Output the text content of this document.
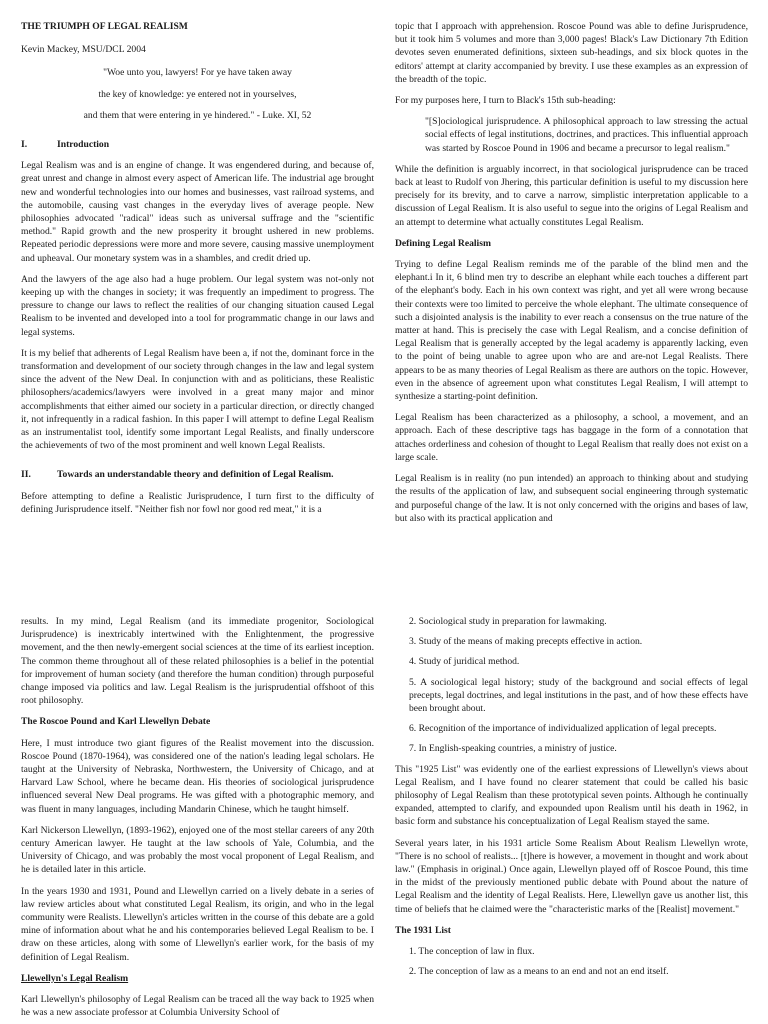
THE TRIUMPH OF LEGAL REALISM

Kevin Mackey, MSU/DCL 2004

"Woe unto you, lawyers! For ye have taken away

the key of knowledge: ye entered not in yourselves,

and them that were entering in ye hindered." - Luke. XI, 52

I.	Introduction

Legal Realism was and is an engine of change. It was engendered during, and because of, great unrest and change in almost every aspect of American life. The industrial age brought new and wonderful technologies into our homes and businesses, vast railroad systems, and the automobile, causing vast changes in the everyday lives of average people. New philosophies advocated "radical" ideas such as universal suffrage and the "scientific method." Rapid growth and the new prosperity it brought ushered in new problems. Repeated periodic depressions were more and more severe, causing massive unemployment and upheaval. Our monetary system was in a shambles, and credit dried up.

And the lawyers of the age also had a huge problem. Our legal system was not-only not keeping up with the changes in society; it was frequently an impediment to progress. The pressure to change our laws to reflect the realities of our changing situation caused Legal Realism to be invented and developed into a tool for programmatic change in our laws and legal systems.

It is my belief that adherents of Legal Realism have been a, if not the, dominant force in the transformation and development of our society through changes in the law and legal system since the advent of the New Deal. In conjunction with and as politicians, these Realistic philosophers/academics/lawyers were involved in a great many major and minor accomplishments that either aimed our society in a particular direction, or directly changed it, not infrequently in a radical fashion. In this paper I will attempt to define Legal Realism as an instrumentalist tool, identify some important Legal Realists, and finally underscore the achievements of two of the most prominent and well known Legal Realists.

II.	Towards an understandable theory and definition of Legal Realism.

Before attempting to define a Realistic Jurisprudence, I turn first to the difficulty of defining Jurisprudence itself. "Neither fish nor fowl nor good red meat," it is a

topic that I approach with apprehension. Roscoe Pound was able to define Jurisprudence, but it took him 5 volumes and more than 3,000 pages! Black's Law Dictionary 7th Edition devotes seven enumerated definitions, sixteen sub-headings, and six block quotes in the editors' attempt at clarity accompanied by brevity. I use these examples as an expression of the breadth of the topic.

For my purposes here, I turn to Black's 15th sub-heading:

"[S]ociological jurisprudence. A philosophical approach to law stressing the actual social effects of legal institutions, doctrines, and practices. This influential approach was started by Roscoe Pound in 1906 and became a precursor to legal realism."

While the definition is arguably incorrect, in that sociological jurisprudence can be traced back at least to Rudolf von Jhering, this particular definition is useful to my discussion here precisely for its brevity, and to carve a narrow, simplistic interpretation applicable to a discussion of Legal Realism. It is also useful to segue into the origins of Legal Realism and an attempt to determine what actually constitutes Legal Realism.

Defining Legal Realism

Trying to define Legal Realism reminds me of the parable of the blind men and the elephant.i In it, 6 blind men try to describe an elephant while each touches a different part of the elephant's body. Each in his own context was right, and yet all were wrong because their contexts were too limited to perceive the whole elephant. The ultimate consequence of such a disjointed analysis is the inability to ever reach a consensus on the true nature of the matter at hand. This is precisely the case with Legal Realism, and a concise definition of Legal Realism that is generally accepted by the legal academy is apparently lacking, even to the point of being unable to agree upon who are and are-not Legal Realists. There appears to be as many theories of Legal Realism as there are authors on the topic. However, even in the absence of agreement upon what constitutes Legal Realism, I will attempt to synthesize a starting-point definition.

Legal Realism has been characterized as a philosophy, a school, a movement, and an approach. Each of these descriptive tags has baggage in the form of a connotation that attaches orderliness and cohesion of thought to Legal Realism that really does not exist on a large scale.

Legal Realism is in reality (no pun intended) an approach to thinking about and studying the results of the application of law, and subsequent social engineering through systematic and purposeful change of the law. It is not only concerned with the origins and bases of law, but also with its practical application and

results. In my mind, Legal Realism (and its immediate progenitor, Sociological Jurisprudence) is inextricably intertwined with the Enlightenment, the progressive movement, and the then newly-emergent social sciences at the time of its earliest inception. The common theme throughout all of these related philosophies is a belief in the potential for improvement of human society (and therefore the human condition) through purposeful change imposed via politics and law. Legal Realism is the jurisprudential offshoot of this root philosophy.

The Roscoe Pound and Karl Llewellyn Debate

Here, I must introduce two giant figures of the Realist movement into the discussion. Roscoe Pound (1870-1964), was considered one of the nation's leading legal scholars. He taught at the University of Nebraska, Northwestern, the University of Chicago, and at Harvard Law School, where he became dean. His theories of sociological jurisprudence influenced several New Deal programs. He was gifted with a photographic memory, and was fluent in many languages, including Mandarin Chinese, which he taught himself.

Karl Nickerson Llewellyn, (1893-1962), enjoyed one of the most stellar careers of any 20th century American lawyer. He taught at the law schools of Yale, Columbia, and the University of Chicago, and was probably the most vocal proponent of Legal Realism, and he is detailed later in this article.

In the years 1930 and 1931, Pound and Llewellyn carried on a lively debate in a series of law review articles about what constituted Legal Realism, its origin, and who in the legal community were Realists. Llewellyn's articles written in the course of this debate are a gold mine of information about what he and his contemporaries believed Legal Realism to be. I draw on these articles, along with some of Llewellyn's earlier work, for the basis of my definition of Legal Realism.

Llewellyn's Legal Realism

Karl Llewellyn's philosophy of Legal Realism can be traced all the way back to 1925 when he was a new associate professor at Columbia University School of

2. Sociological study in preparation for lawmaking.

3. Study of the means of making precepts effective in action.

4. Study of juridical method.

5. A sociological legal history; study of the background and social effects of legal precepts, legal doctrines, and legal institutions in the past, and of how these effects have been brought about.

6. Recognition of the importance of individualized application of legal precepts.

7. In English-speaking countries, a ministry of justice.

This "1925 List" was evidently one of the earliest expressions of Llewellyn's views about Legal Realism, and I have found no clearer statement that could be called his basic philosophy of Legal Realism than these prototypical seven points. Although he continually expanded, attempted to clarify, and expounded upon Realism until his death in 1962, in basic form and substance his conceptualization of Legal Realism stayed the same.

Several years later, in his 1931 article Some Realism About Realism Llewellyn wrote, "There is no school of realists... [t]here is however, a movement in thought and work about law." (Emphasis in original.) Once again, Llewellyn played off of Roscoe Pound, this time in the midst of the previously mentioned public debate with Pound about the nature of Legal Realism and the identity of Legal Realists. Here, Llewellyn gave us another list, this time of beliefs that he claimed were the "characteristic marks of the [Realist] movement."

The 1931 List

1. The conception of law in flux.

2. The conception of law as a means to an end and not an end itself.
